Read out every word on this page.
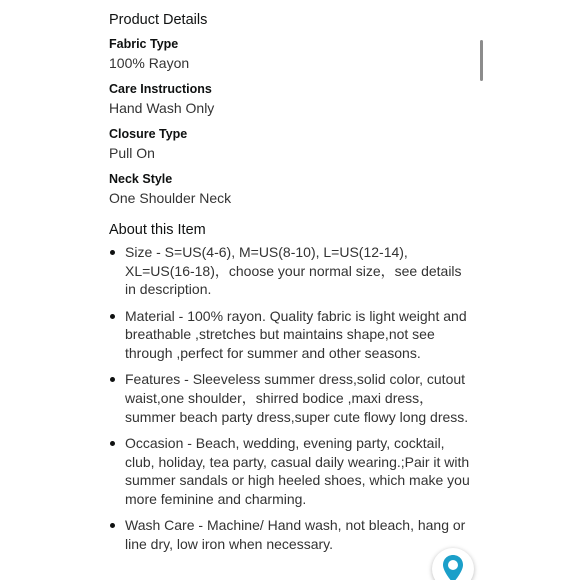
Product Details
Fabric Type
100% Rayon
Care Instructions
Hand Wash Only
Closure Type
Pull On
Neck Style
One Shoulder Neck
About this Item
Size - S=US(4-6), M=US(8-10), L=US(12-14), XL=US(16-18)，choose your normal size，see details in description.
Material - 100% rayon. Quality fabric is light weight and breathable ,stretches but maintains shape,not see through ,perfect for summer and other seasons.
Features - Sleeveless summer dress,solid color, cutout waist,one shoulder，shirred bodice ,maxi dress，summer beach party dress,super cute flowy long dress.
Occasion - Beach, wedding, evening party, cocktail, club, holiday, tea party, casual daily wearing.;Pair it with summer sandals or high heeled shoes, which make you more feminine and charming.
Wash Care - Machine/ Hand wash, not bleach, hang or line dry, low iron when necessary.
